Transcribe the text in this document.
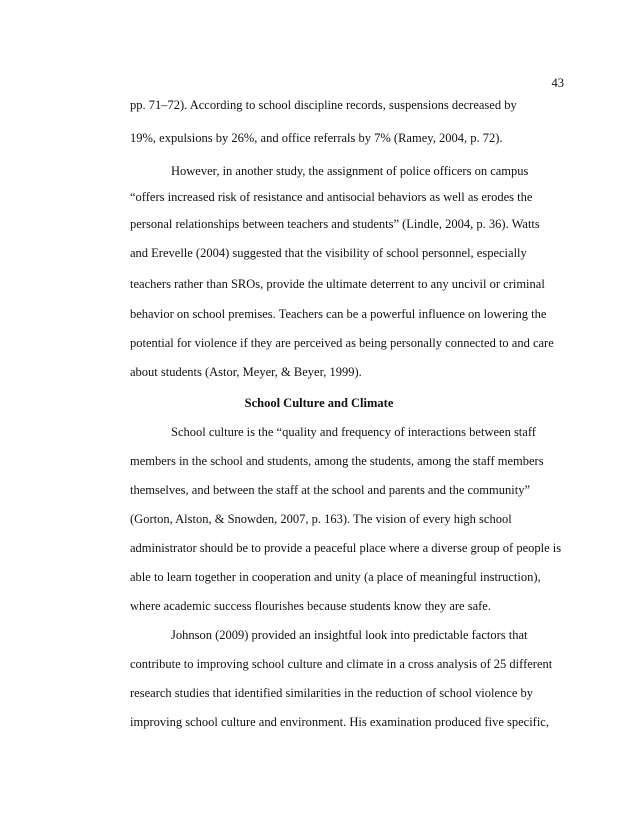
43
pp. 71–72). According to school discipline records, suspensions decreased by
19%, expulsions by 26%, and office referrals by 7% (Ramey, 2004, p. 72).
However, in another study, the assignment of police officers on campus
“offers increased risk of resistance and antisocial behaviors as well as erodes the
personal relationships between teachers and students” (Lindle, 2004, p. 36). Watts
and Erevelle (2004) suggested that the visibility of school personnel, especially
teachers rather than SROs, provide the ultimate deterrent to any uncivil or criminal
behavior on school premises. Teachers can be a powerful influence on lowering the
potential for violence if they are perceived as being personally connected to and care
about students (Astor, Meyer, & Beyer, 1999).
School Culture and Climate
School culture is the “quality and frequency of interactions between staff
members in the school and students, among the students, among the staff members
themselves, and between the staff at the school and parents and the community”
(Gorton, Alston, & Snowden, 2007, p. 163). The vision of every high school
administrator should be to provide a peaceful place where a diverse group of people is
able to learn together in cooperation and unity (a place of meaningful instruction),
where academic success flourishes because students know they are safe.
Johnson (2009) provided an insightful look into predictable factors that
contribute to improving school culture and climate in a cross analysis of 25 different
research studies that identified similarities in the reduction of school violence by
improving school culture and environment. His examination produced five specific,
